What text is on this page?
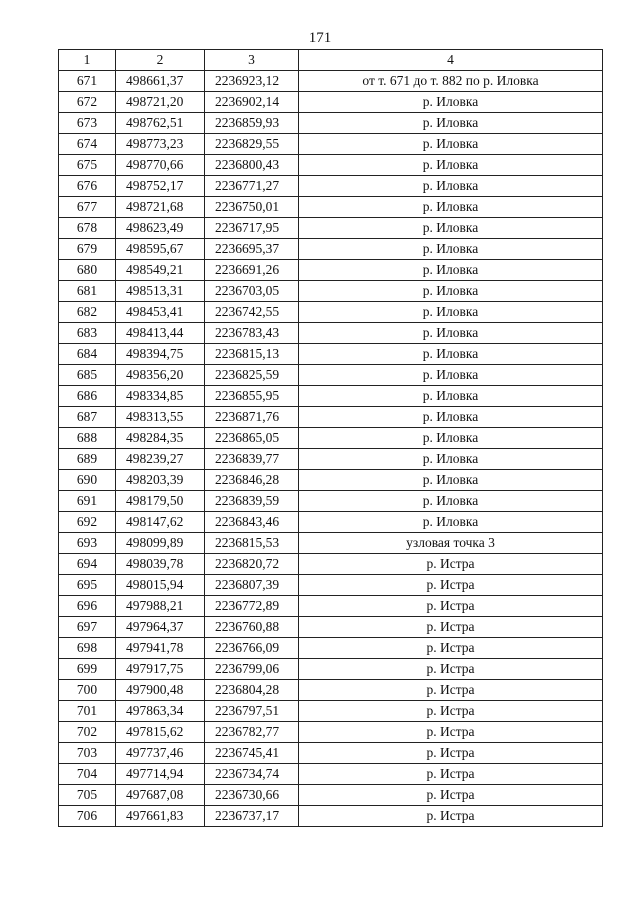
171
1	2	3	4
671	498661,37	2236923,12	от т. 671 до т. 882 по р. Иловка
672	498721,20	2236902,14	р. Иловка
673	498762,51	2236859,93	р. Иловка
674	498773,23	2236829,55	р. Иловка
675	498770,66	2236800,43	р. Иловка
676	498752,17	2236771,27	р. Иловка
677	498721,68	2236750,01	р. Иловка
678	498623,49	2236717,95	р. Иловка
679	498595,67	2236695,37	р. Иловка
680	498549,21	2236691,26	р. Иловка
681	498513,31	2236703,05	р. Иловка
682	498453,41	2236742,55	р. Иловка
683	498413,44	2236783,43	р. Иловка
684	498394,75	2236815,13	р. Иловка
685	498356,20	2236825,59	р. Иловка
686	498334,85	2236855,95	р. Иловка
687	498313,55	2236871,76	р. Иловка
688	498284,35	2236865,05	р. Иловка
689	498239,27	2236839,77	р. Иловка
690	498203,39	2236846,28	р. Иловка
691	498179,50	2236839,59	р. Иловка
692	498147,62	2236843,46	р. Иловка
693	498099,89	2236815,53	узловая точка 3
694	498039,78	2236820,72	р. Истра
695	498015,94	2236807,39	р. Истра
696	497988,21	2236772,89	р. Истра
697	497964,37	2236760,88	р. Истра
698	497941,78	2236766,09	р. Истра
699	497917,75	2236799,06	р. Истра
700	497900,48	2236804,28	р. Истра
701	497863,34	2236797,51	р. Истра
702	497815,62	2236782,77	р. Истра
703	497737,46	2236745,41	р. Истра
704	497714,94	2236734,74	р. Истра
705	497687,08	2236730,66	р. Истра
706	497661,83	2236737,17	р. Истра
